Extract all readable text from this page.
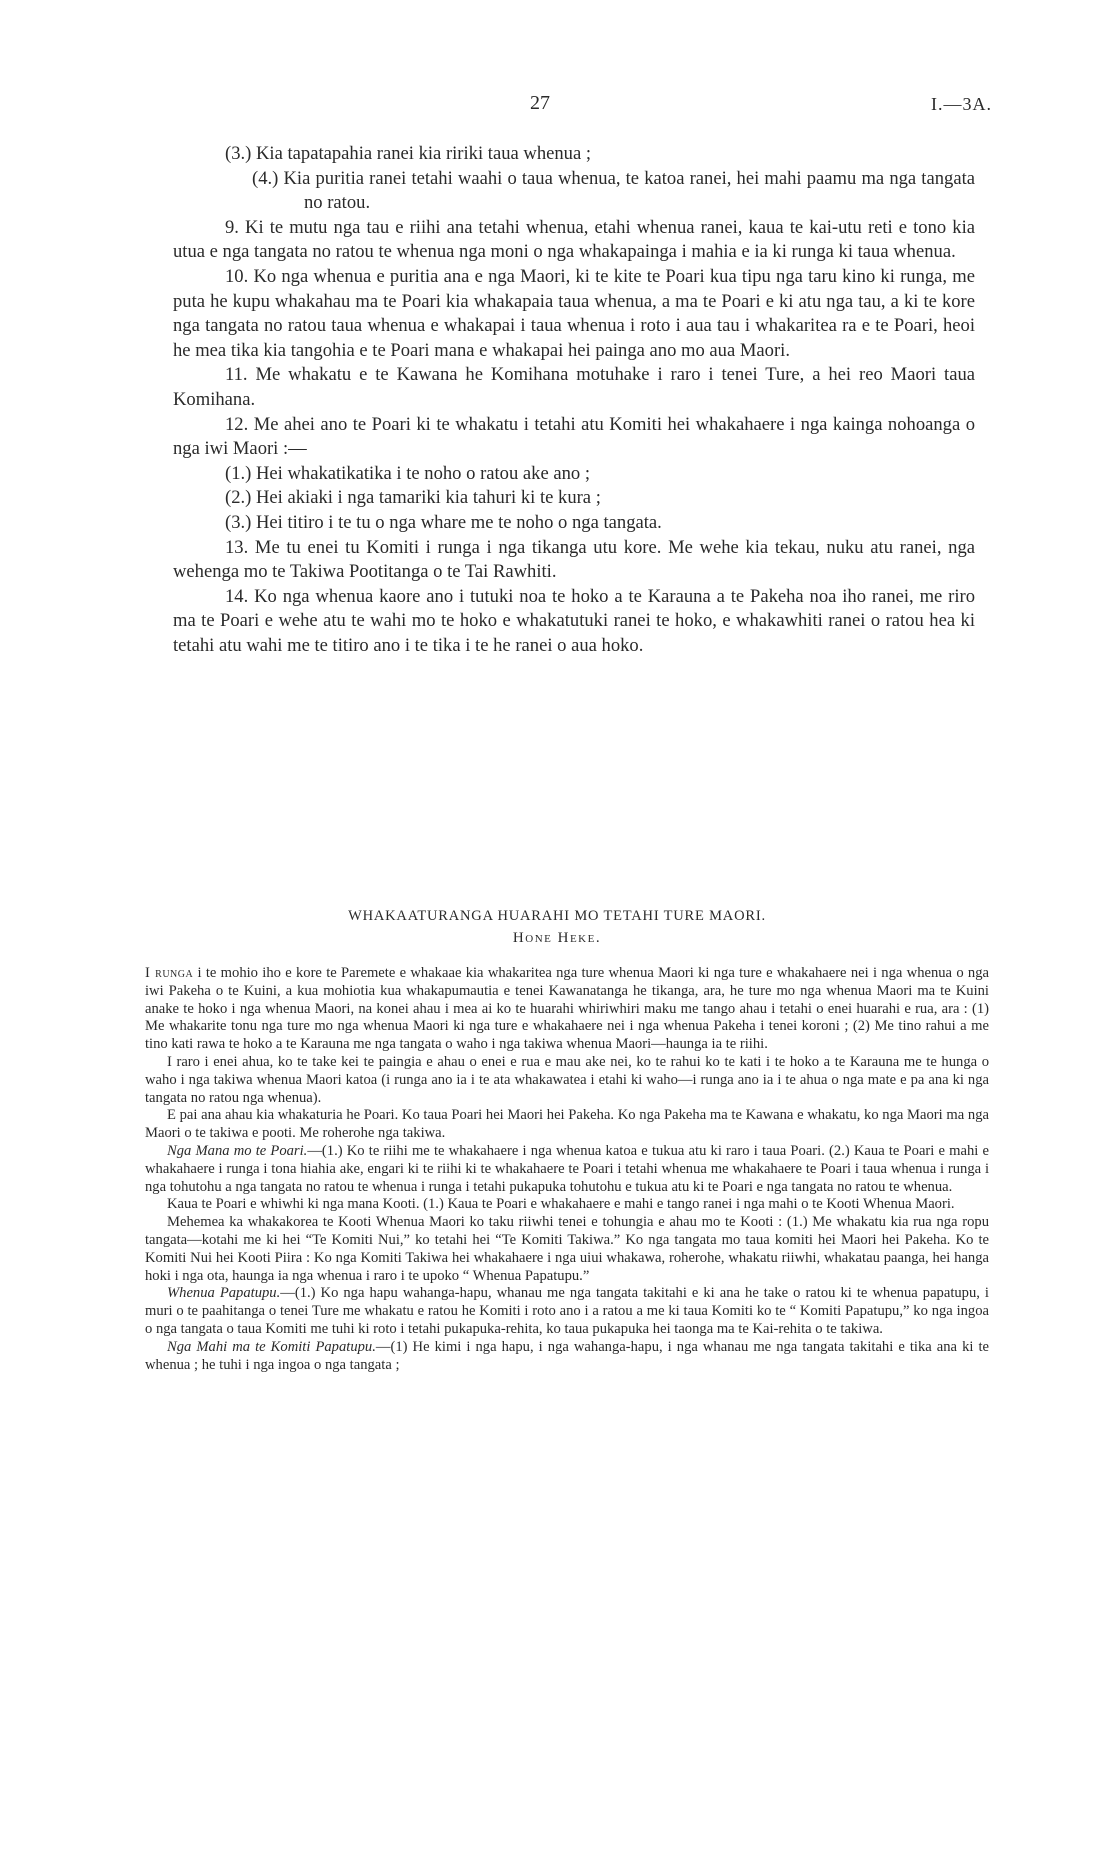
27	I.—3A.

(3.) Kia tapatapahia ranei kia ririki taua whenua ;

(4.) Kia puritia ranei tetahi waahi o taua whenua, te katoa ranei, hei mahi paamu ma nga tangata no ratou.

9. Ki te mutu nga tau e riihi ana tetahi whenua, etahi whenua ranei, kaua te kai-utu reti e tono kia utua e nga tangata no ratou te whenua nga moni o nga whakapainga i mahia e ia ki runga ki taua whenua.

10. Ko nga whenua e puritia ana e nga Maori, ki te kite te Poari kua tipu nga taru kino ki runga, me puta he kupu whakahau ma te Poari kia whakapaia taua whenua, a ma te Poari e ki atu nga tau, a ki te kore nga tangata no ratou taua whenua e whakapai i taua whenua i roto i aua tau i whakaritea ra e te Poari, heoi he mea tika kia tangohia e te Poari mana e whakapai hei painga ano mo aua Maori.

11. Me whakatu e te Kawana he Komihana motuhake i raro i tenei Ture, a hei reo Maori taua Komihana.

12. Me ahei ano te Poari ki te whakatu i tetahi atu Komiti hei whakahaere i nga kainga nohoanga o nga iwi Maori :—

(1.) Hei whakatikatika i te noho o ratou ake ano ;

(2.) Hei akiaki i nga tamariki kia tahuri ki te kura ;

(3.) Hei titiro i te tu o nga whare me te noho o nga tangata.

13. Me tu enei tu Komiti i runga i nga tikanga utu kore. Me wehe kia tekau, nuku atu ranei, nga wehenga mo te Takiwa Pootitanga o te Tai Rawhiti.

14. Ko nga whenua kaore ano i tutuki noa te hoko a te Karauna a te Pakeha noa iho ranei, me riro ma te Poari e wehe atu te wahi mo te hoko e whakatutuki ranei te hoko, e whakawhiti ranei o ratou hea ki tetahi atu wahi me te titiro ano i te tika i te he ranei o aua hoko.

WHAKAATURANGA HUARAHI MO TETAHI TURE MAORI.

Hone Heke.

I runga i te mohio iho e kore te Paremete e whakaae kia whakaritea nga ture whenua Maori ki nga ture e whakahaere nei i nga whenua o nga iwi Pakeha o te Kuini, a kua mohiotia kua whakapumautia e tenei Kawanatanga he tikanga, ara, he ture mo nga whenua Maori ma te Kuini anake te hoko i nga whenua Maori, na konei ahau i mea ai ko te huarahi whiriwhiri maku me tango ahau i tetahi o enei huarahi e rua, ara : (1) Me whakarite tonu nga ture mo nga whenua Maori ki nga ture e whakahaere nei i nga whenua Pakeha i tenei koroni ; (2) Me tino rahui a me tino kati rawa te hoko a te Karauna me nga tangata o waho i nga takiwa whenua Maori—haunga ia te riihi.

I raro i enei ahua, ko te take kei te paingia e ahau o enei e rua e mau ake nei, ko te rahui ko te kati i te hoko a te Karauna me te hunga o waho i nga takiwa whenua Maori katoa (i runga ano ia i te ata whakawatea i etahi ki waho—i runga ano ia i te ahua o nga mate e pa ana ki nga tangata no ratou nga whenua).

E pai ana ahau kia whakaturia he Poari. Ko taua Poari hei Maori hei Pakeha. Ko nga Pakeha ma te Kawana e whakatu, ko nga Maori ma nga Maori o te takiwa e pooti. Me roherohe nga takiwa.

Nga Mana mo te Poari.—(1.) Ko te riihi me te whakahaere i nga whenua katoa e tukua atu ki raro i taua Poari. (2.) Kaua te Poari e mahi e whakahaere i runga i tona hiahia ake, engari ki te riihi ki te whakahaere te Poari i tetahi whenua me whakahaere te Poari i taua whenua i runga i nga tohutohu a nga tangata no ratou te whenua i runga i tetahi pukapuka tohutohu e tukua atu ki te Poari e nga tangata no ratou te whenua.

Kaua te Poari e whiwhi ki nga mana Kooti. (1.) Kaua te Poari e whakahaere e mahi e tango ranei i nga mahi o te Kooti Whenua Maori.

Mehemea ka whakakorea te Kooti Whenua Maori ko taku riiwhi tenei e tohungia e ahau mo te Kooti : (1.) Me whakatu kia rua nga ropu tangata—kotahi me ki hei “Te Komiti Nui,” ko tetahi hei “Te Komiti Takiwa.” Ko nga tangata mo taua komiti hei Maori hei Pakeha. Ko te Komiti Nui hei Kooti Piira : Ko nga Komiti Takiwa hei whakahaere i nga uiui whakawa, roherohe, whakatu riiwhi, whakatau paanga, hei hanga hoki i nga ota, haunga ia nga whenua i raro i te upoko “ Whenua Papatupu.”

Whenua Papatupu.—(1.) Ko nga hapu wahanga-hapu, whanau me nga tangata takitahi e ki ana he take o ratou ki te whenua papatupu, i muri o te paahitanga o tenei Ture me whakatu e ratou he Komiti i roto ano i a ratou a me ki taua Komiti ko te “ Komiti Papatupu,” ko nga ingoa o nga tangata o taua Komiti me tuhi ki roto i tetahi pukapuka-rehita, ko taua pukapuka hei taonga ma te Kai-rehita o te takiwa.

Nga Mahi ma te Komiti Papatupu.—(1) He kimi i nga hapu, i nga wahanga-hapu, i nga whanau me nga tangata takitahi e tika ana ki te whenua ; he tuhi i nga ingoa o nga tangata ;
